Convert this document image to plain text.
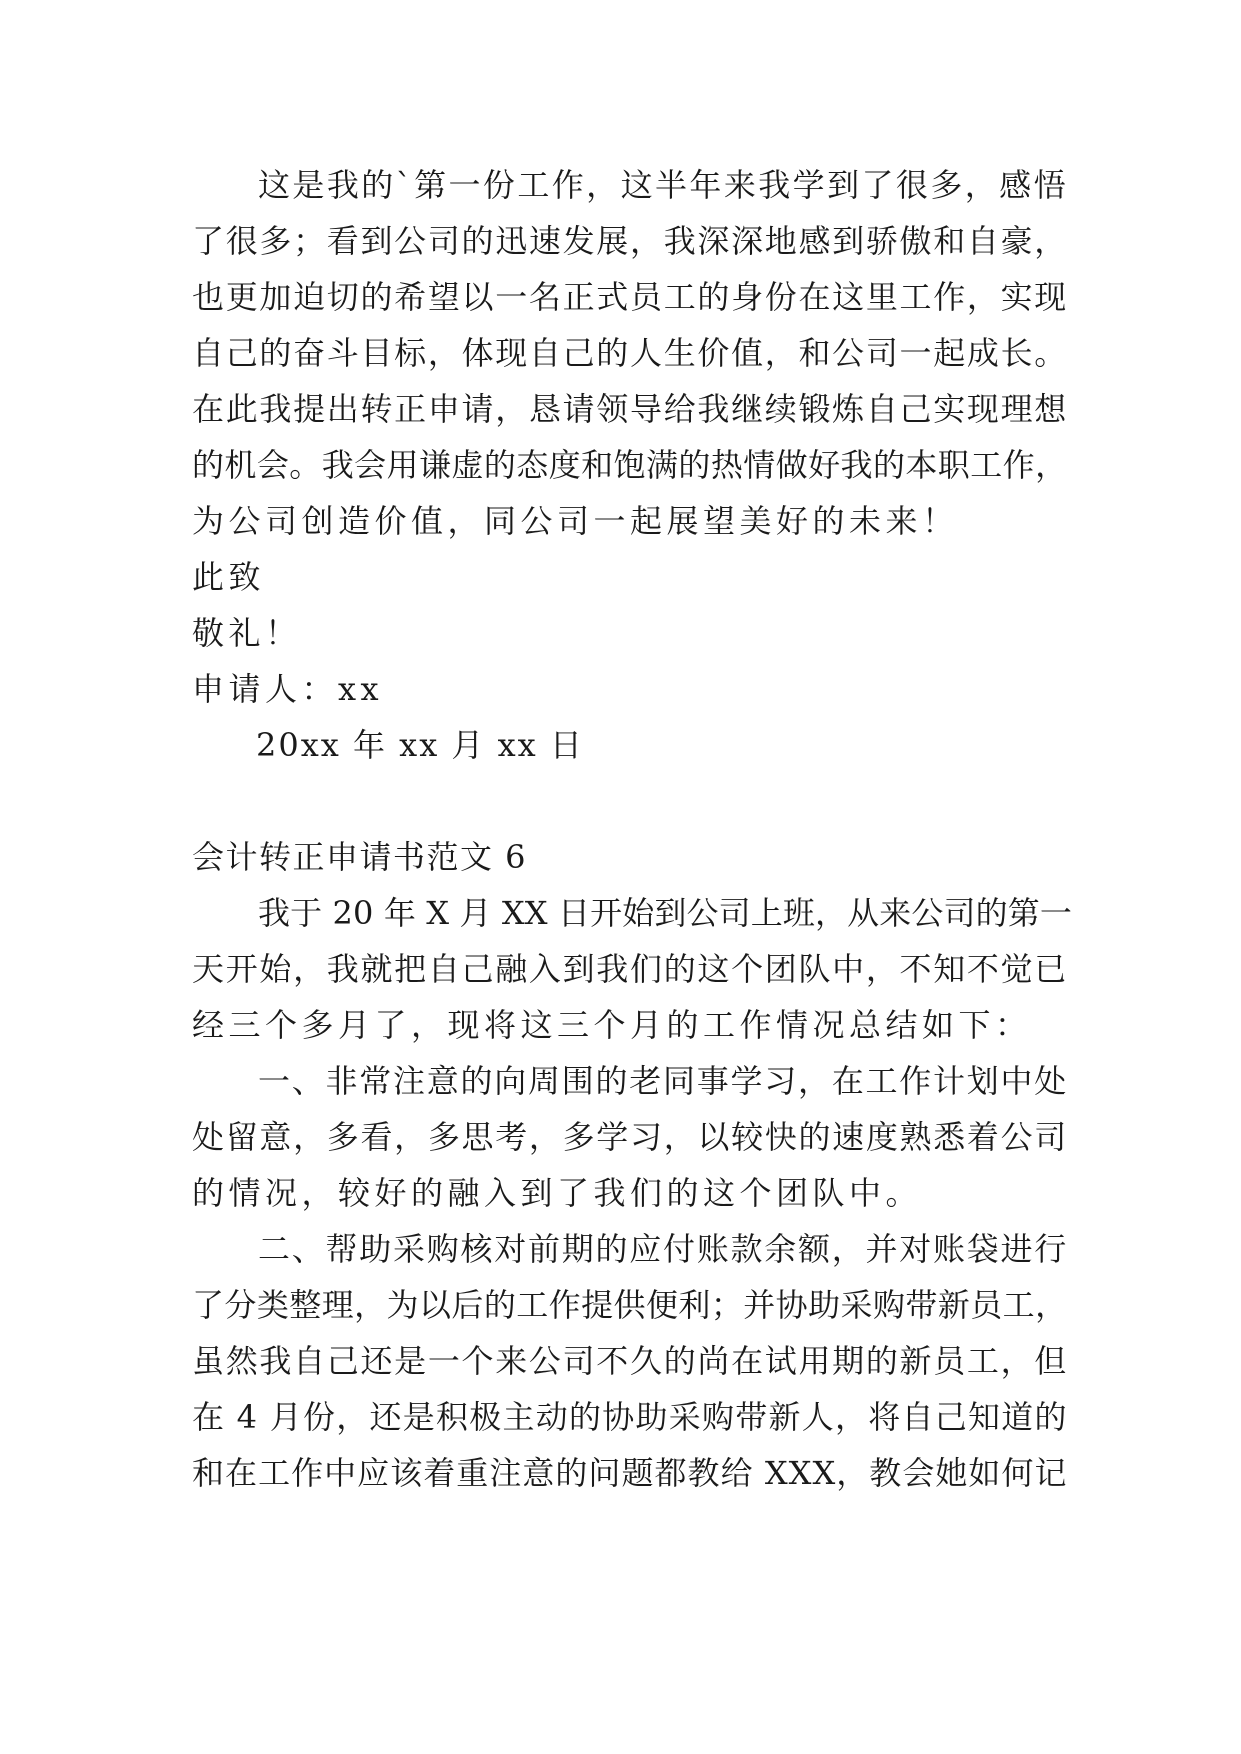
这是我的`第一份工作，这半年来我学到了很多，感悟
了很多；看到公司的迅速发展，我深深地感到骄傲和自豪，
也更加迫切的希望以一名正式员工的身份在这里工作，实现
自己的奋斗目标，体现自己的人生价值，和公司一起成长。
在此我提出转正申请，恳请领导给我继续锻炼自己实现理想
的机会。我会用谦虚的态度和饱满的热情做好我的本职工作，
为公司创造价值，同公司一起展望美好的未来！
此致
敬礼！
申请人：xx
20xx 年 xx 月 xx 日
会计转正申请书范文 6
我于 20 年 X 月 XX 日开始到公司上班，从来公司的第一
天开始，我就把自己融入到我们的这个团队中，不知不觉已
经三个多月了，现将这三个月的工作情况总结如下：
一、非常注意的向周围的老同事学习，在工作计划中处
处留意，多看，多思考，多学习，以较快的速度熟悉着公司
的情况，较好的融入到了我们的这个团队中。
二、帮助采购核对前期的应付账款余额，并对账袋进行
了分类整理，为以后的工作提供便利；并协助采购带新员工，
虽然我自己还是一个来公司不久的尚在试用期的新员工，但
在 4 月份，还是积极主动的协助采购带新人，将自己知道的
和在工作中应该着重注意的问题都教给 XXX，教会她如何记
